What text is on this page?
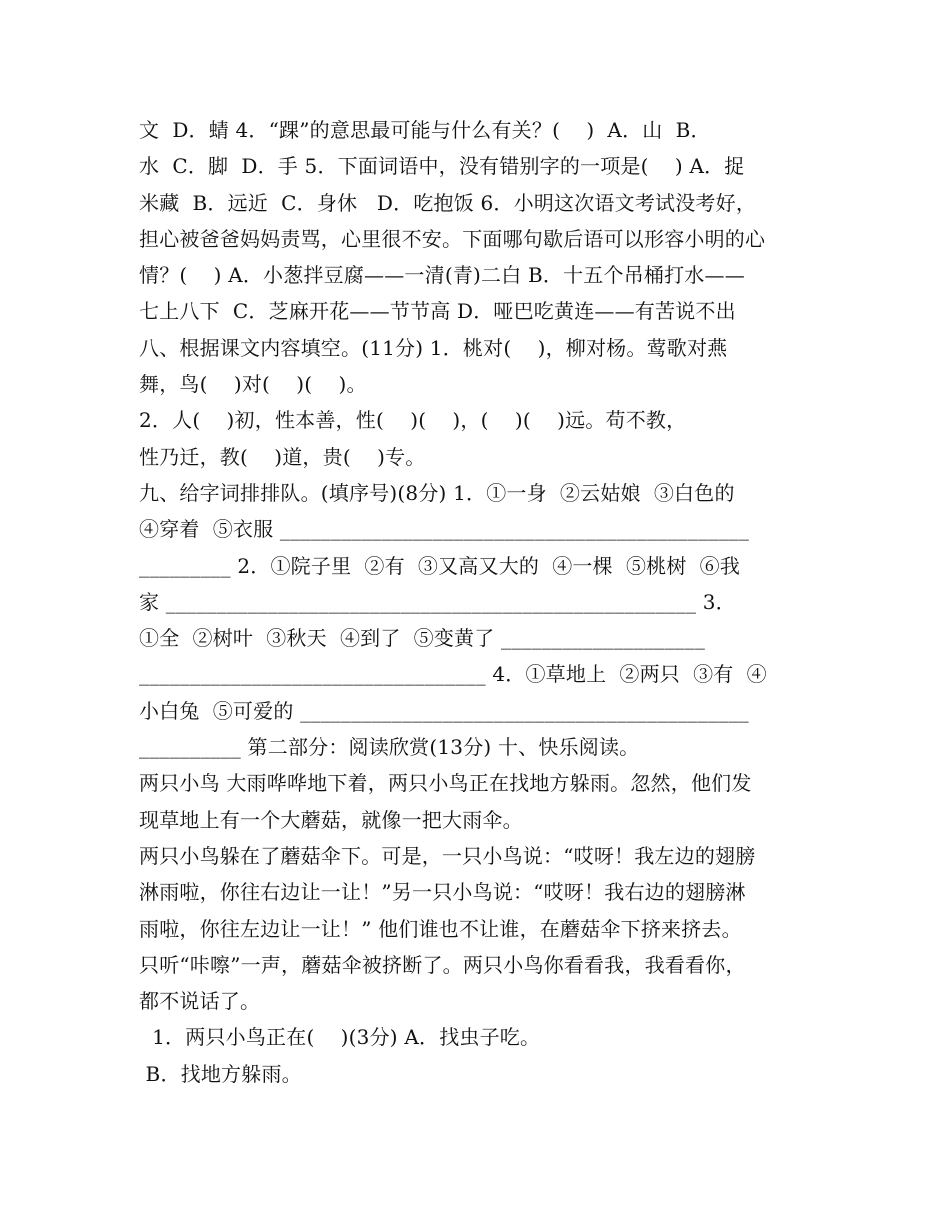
文  D．蜻 4．“踝”的意思最可能与什么有关？(    )  A．山  B．
水  C．脚  D．手 5．下面词语中，没有错别字的一项是(    ) A．捉
米藏  B．远近  C．身休   D．吃抱饭 6．小明这次语文考试没考好，
担心被爸爸妈妈责骂，心里很不安。下面哪句歇后语可以形容小明的心
情？(    ) A．小葱拌豆腐——一清(青)二白 B．十五个吊桶打水——
七上八下  C．芝麻开花——节节高 D．哑巴吃黄连——有苦说不出
八、根据课文内容填空。(11分) 1．桃对(    )，柳对杨。莺歌对燕
舞，鸟(    )对(    )(    )。
2．人(    )初，性本善，性(    )(    )，(    )(    )远。苟不教，
性乃迁，教(    )道，贵(    )专。
九、给字词排排队。(填序号)(8分) 1．①一身  ②云姑娘  ③白色的
④穿着  ⑤衣服 ______________________________________________
_________ 2．①院子里  ②有  ③又高又大的  ④一棵  ⑤桃树  ⑥我
家 ____________________________________________________ 3．
①全  ②树叶  ③秋天  ④到了  ⑤变黄了 ____________________
__________________________________ 4．①草地上  ②两只  ③有  ④
小白兔  ⑤可爱的 ____________________________________________
__________ 第二部分：阅读欣赏(13分) 十、快乐阅读。
两只小鸟 大雨哗哗地下着，两只小鸟正在找地方躲雨。忽然，他们发
现草地上有一个大蘑菇，就像一把大雨伞。
两只小鸟躲在了蘑菇伞下。可是，一只小鸟说：“哎呀！我左边的翅膀
淋雨啦，你往右边让一让！”另一只小鸟说：“哎呀！我右边的翅膀淋
雨啦，你往左边让一让！” 他们谁也不让谁，在蘑菇伞下挤来挤去。
只听“咔嚓”一声，蘑菇伞被挤断了。两只小鸟你看看我，我看看你，
都不说话了。
1．两只小鸟正在(    )(3分) A．找虫子吃。
B．找地方躲雨。
